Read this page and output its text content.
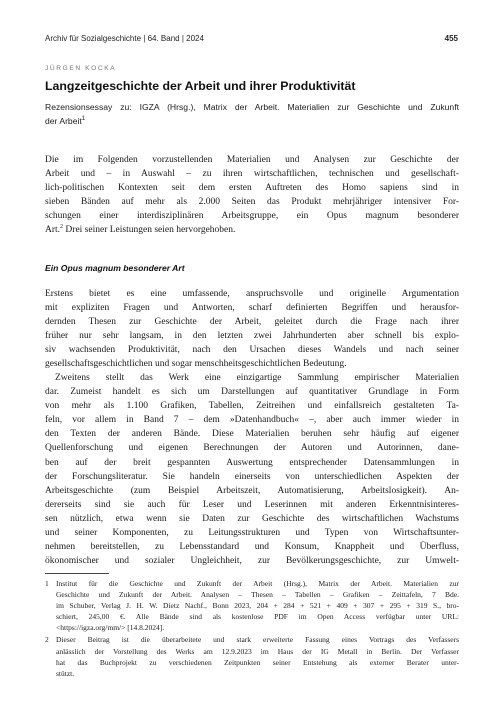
Archiv für Sozialgeschichte | 64. Band | 2024	455
JÜRGEN KOCKA
Langzeitgeschichte der Arbeit und ihrer Produktivität
Rezensionsessay zu: IGZA (Hrsg.), Matrix der Arbeit. Materialien zur Geschichte und Zukunft
der Arbeit$^1$
Die im Folgenden vorzustellenden Materialien und Analysen zur Geschichte der
Arbeit und – in Auswahl – zu ihren wirtschaftlichen, technischen und gesellschaft-
lich-politischen Kontexten seit dem ersten Auftreten des Homo sapiens sind in
sieben Bänden auf mehr als 2.000 Seiten das Produkt mehrjähriger intensiver For-
schungen einer interdisziplinären Arbeitsgruppe, ein Opus magnum besonderer
Art.$^2$ Drei seiner Leistungen seien hervorgehoben.
Ein Opus magnum besonderer Art
Erstens bietet es eine umfassende, anspruchsvolle und originelle Argumentation
mit expliziten Fragen und Antworten, scharf definierten Begriffen und herausfor-
dernden Thesen zur Geschichte der Arbeit, geleitet durch die Frage nach ihrer
früher nur sehr langsam, in den letzten zwei Jahrhunderten aber schnell bis explo-
siv wachsenden Produktivität, nach den Ursachen dieses Wandels und nach seiner
gesellschaftsgeschichtlichen und sogar menschheitsgeschichtlichen Bedeutung.
Zweitens stellt das Werk eine einzigartige Sammlung empirischer Materialien
dar. Zumeist handelt es sich um Darstellungen auf quantitativer Grundlage in Form
von mehr als 1.100 Grafiken, Tabellen, Zeitreihen und einfallsreich gestalteten Ta-
feln, vor allem in Band 7 – dem »Datenhandbuch« –, aber auch immer wieder in
den Texten der anderen Bände. Diese Materialien beruhen sehr häufig auf eigener
Quellenforschung und eigenen Berechnungen der Autoren und Autorinnen, dane-
ben auf der breit gespannten Auswertung entsprechender Datensammlungen in
der Forschungsliteratur. Sie handeln einerseits von unterschiedlichen Aspekten der
Arbeitsgeschichte (zum Beispiel Arbeitszeit, Automatisierung, Arbeitslosigkeit). An-
dererseits sind sie auch für Leser und Leserinnen mit anderen Erkenntnisinteres-
sen nützlich, etwa wenn sie Daten zur Geschichte des wirtschaftlichen Wachstums
und seiner Komponenten, zu Leitungsstrukturen und Typen von Wirtschaftsunter-
nehmen bereitstellen, zu Lebensstandard und Konsum, Knappheit und Überfluss,
ökonomischer und sozialer Ungleichheit, zur Bevölkerungsgeschichte, zur Umwelt-
1 Institut für die Geschichte und Zukunft der Arbeit (Hrsg.), Matrix der Arbeit. Materialien zur
Geschichte und Zukunft der Arbeit. Analysen – Thesen – Tabellen – Grafiken – Zeittafeln, 7 Bde.
im Schuber, Verlag J. H. W. Dietz Nachf., Bonn 2023, 204 + 284 + 521 + 409 + 307 + 295 + 319 S., bro-
schiert, 245,00 €. Alle Bände sind als kostenlose PDF im Open Access verfügbar unter URL:
<https://igza.org/mm/> [14.8.2024].
2 Dieser Beitrag ist die überarbeitete und stark erweiterte Fassung eines Vortrags des Verfassers
anlässlich der Vorstellung des Werks am 12.9.2023 im Haus der IG Metall in Berlin. Der Verfasser
hat das Buchprojekt zu verschiedenen Zeitpunkten seiner Entstehung als externer Berater unter-
stützt.
